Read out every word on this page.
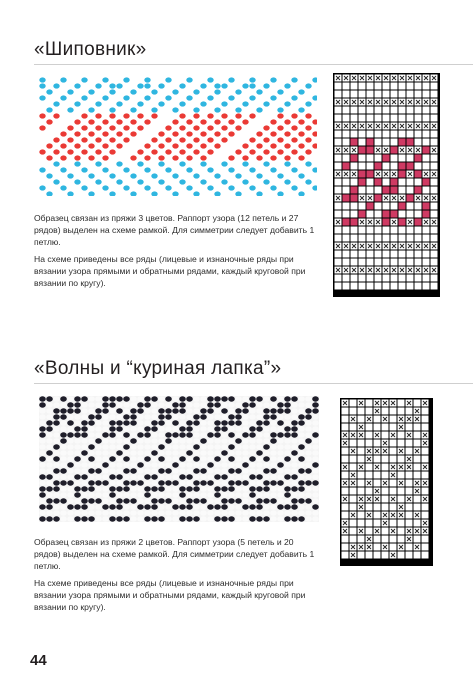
«Шиповник»

Образец связан из пряжи 3 цветов. Раппорт узора (12 петель и 27 рядов) выделен на схеме рамкой. Для симметрии следует добавить 1 петлю.

На схеме приведены все ряды (лицевые и изнаночные ряды при вязании узора прямыми и обратными рядами, каждый круговой при вязании по кругу).

«Волны и “куриная лапка”»

Образец связан из пряжи 2 цветов. Раппорт узора (5 петель и 20 рядов) выделен на схеме рамкой. Для симметрии следует добавить 1 петлю.

На схеме приведены все ряды (лицевые и изнаночные ряды при вязании узора прямыми и обратными рядами, каждый круговой при вязании по кругу).

44
